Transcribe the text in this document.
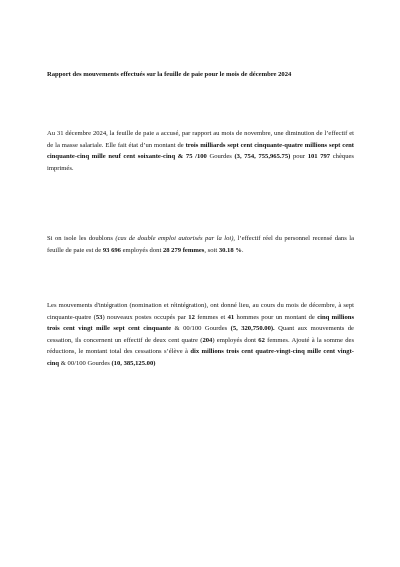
Rapport des mouvements effectués sur la feuille de paie pour le mois de décembre 2024

Au 31 décembre 2024, la feuille de paie a accusé, par rapport au mois de novembre, une diminution de l’effectif et de la masse salariale. Elle fait état d’un montant de trois milliards sept cent cinquante-quatre millions sept cent cinquante-cinq mille neuf cent soixante-cinq & 75 /100 Gourdes (3, 754, 755,965.75) pour 101 797 chèques imprimés.

Si on isole les doublons (cas de double emploi autorisés par la loi), l’effectif réel du personnel recensé dans la feuille de paie est de 93 696 employés dont 28 279 femmes, soit 30.18 %.

Les mouvements d'intégration (nomination et réintégration), ont donné lieu, au cours du mois de décembre, à sept cinquante-quatre (53) nouveaux postes occupés par 12 femmes et 41 hommes pour un montant de cinq millions trois cent vingt mille sept cent cinquante & 00/100 Gourdes (5, 320,750.00). Quant aux mouvements de cessation, ils concernent un effectif de deux cent quatre (204) employés dont 62 femmes. Ajouté à la somme des réductions, le montant total des cessations s’élève à dix millions trois cent quatre-vingt-cinq mille cent vingt-cinq & 00/100 Gourdes (10, 385,125.00)
